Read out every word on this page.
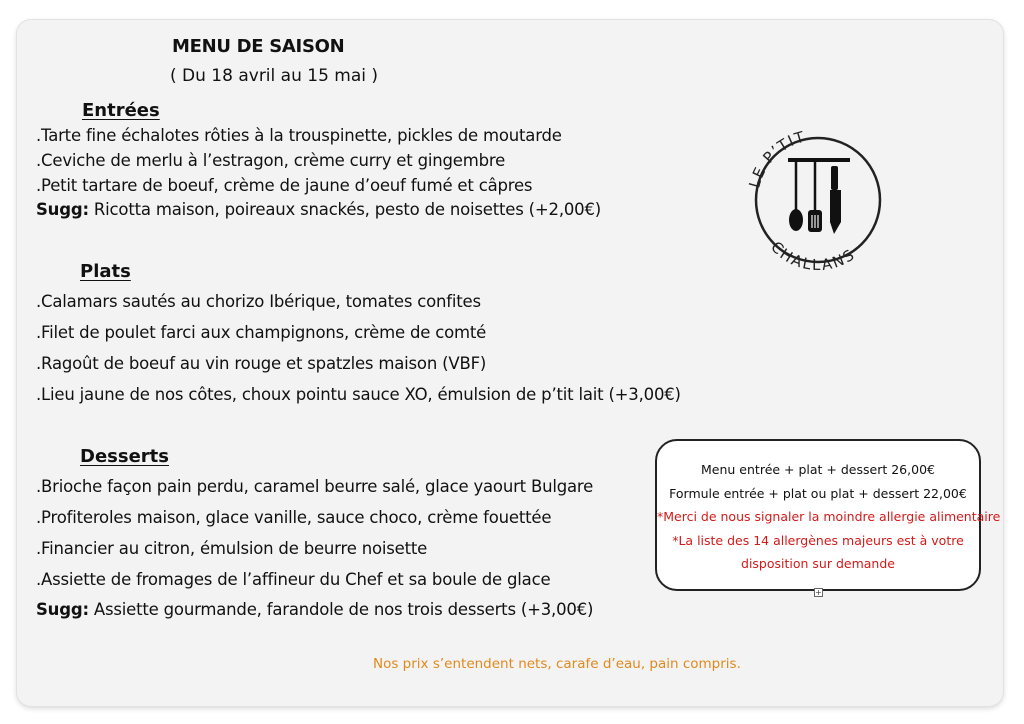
MENU DE SAISON
( Du 18 avril au 15 mai )
Entrées
.Tarte fine échalotes rôties à la trouspinette, pickles de moutarde
.Ceviche de merlu à l’estragon, crème curry et gingembre
.Petit tartare de boeuf, crème de jaune d’oeuf fumé et câpres
Sugg: Ricotta maison, poireaux snackés, pesto de noisettes (+2,00€)
Plats
.Calamars sautés au chorizo Ibérique, tomates confites
.Filet de poulet farci aux champignons, crème de comté
.Ragoût de boeuf au vin rouge et spatzles maison (VBF)
.Lieu jaune de nos côtes, choux pointu sauce XO, émulsion de p’tit lait (+3,00€)
Desserts
.Brioche façon pain perdu, caramel beurre salé, glace yaourt Bulgare
.Profiteroles maison, glace vanille, sauce choco, crème fouettée
.Financier au citron, émulsion de beurre noisette
.Assiette de fromages de l’affineur du Chef et sa boule de glace
Sugg: Assiette gourmande, farandole de nos trois desserts (+3,00€)
LE P’TIT
CHALLANS
Menu entrée + plat + dessert 26,00€
Formule entrée + plat ou plat + dessert 22,00€
*Merci de nous signaler la moindre allergie alimentaire
*La liste des 14 allergènes majeurs est à votre
disposition sur demande
+
Nos prix s’entendent nets, carafe d’eau, pain compris.
